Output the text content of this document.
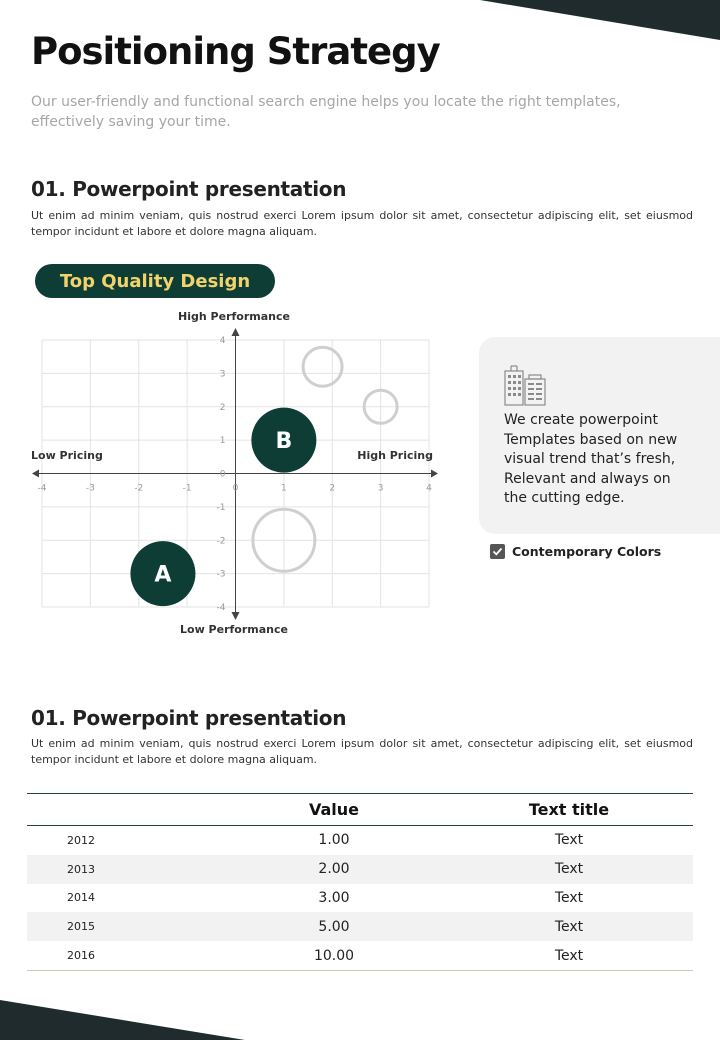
Positioning Strategy

Our user-friendly and functional search engine helps you locate the right templates, effectively saving your time.

01. Powerpoint presentation

Ut enim ad minim veniam, quis nostrud exerci Lorem ipsum dolor sit amet, consectetur adipiscing elit, set eiusmod tempor incidunt et labore et dolore magna aliquam.

Top Quality Design
-4	-3	-2	-1	0	1	2	3	4
4
3
2
1
0
-1
-2
-3
-4
B
A
High Performance
Low Performance
Low Pricing	High Pricing

We create powerpoint Templates based on new visual trend that’s fresh, Relevant and always on the cutting edge.

Contemporary Colors
01. Powerpoint presentation

Ut enim ad minim veniam, quis nostrud exerci Lorem ipsum dolor sit amet, consectetur adipiscing elit, set eiusmod tempor incidunt et labore et dolore magna aliquam.

	Value	Text title
2012	1.00	Text
2013	2.00	Text
2014	3.00	Text
2015	5.00	Text
2016	10.00	Text
